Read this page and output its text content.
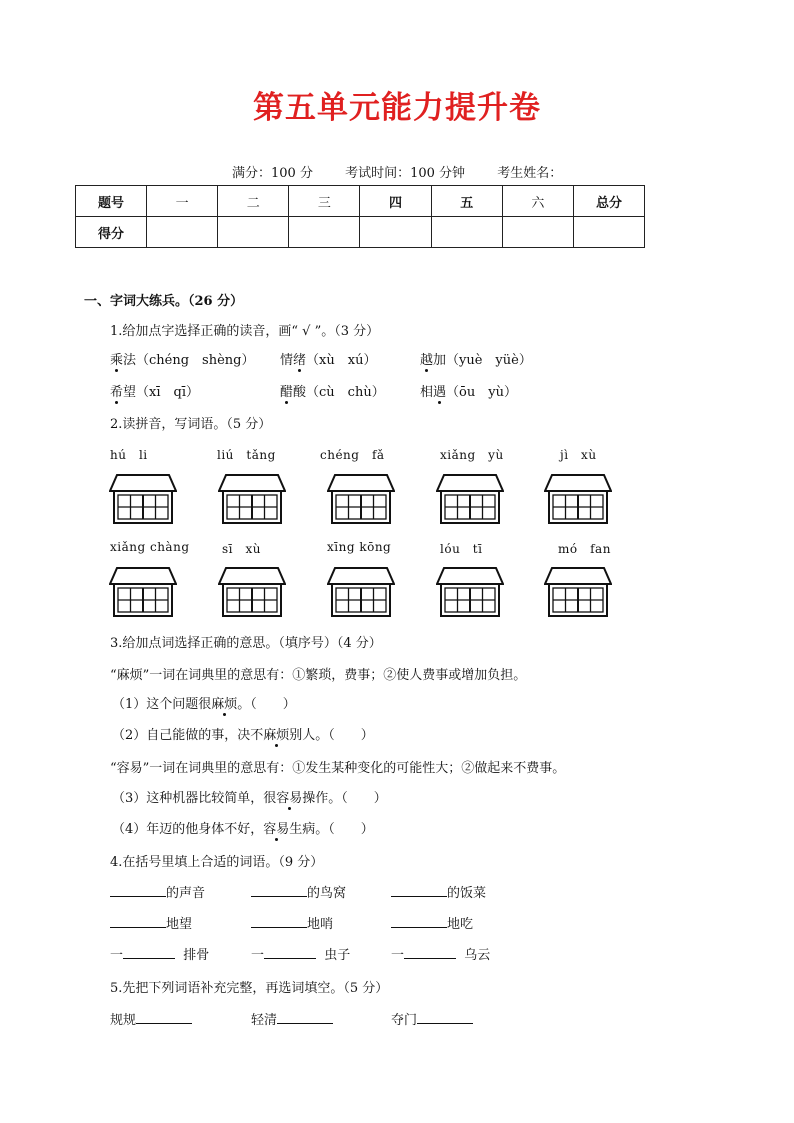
第五单元能力提升卷
满分：100 分 考试时间：100 分钟 考生姓名：
题号	一	二	三	四	五	六	总分
得分							
一、字词大练兵。（26 分）
1.给加点字选择正确的读音，画“ √ ”。（3 分）
乘法（chéng　shèng） 情绪（xù　xú）	越加（yuè　yüè）
希望（xī　qī）	醋酸（cù　chù）	相遇（ōu　yù）
2.读拼音，写词语。（5 分）
hú　li	liú　tǎng	chéng　fǎ	xiǎng　yù	jì　xù
xiǎng chàng	sī　xù	xīng kōng	lóu　tī	mó　fan
3.给加点词选择正确的意思。（填序号）（4 分）
“麻烦”一词在词典里的意思有：①繁琐，费事；②使人费事或增加负担。
（1）这个问题很麻烦。（　　）
（2）自己能做的事，决不麻烦别人。（　　）
“容易”一词在词典里的意思有：①发生某种变化的可能性大；②做起来不费事。
（3）这种机器比较简单，很容易操作。（　　）
（4）年迈的他身体不好，容易生病。（　　）
4.在括号里填上合适的词语。（9 分）
的声音	的鸟窝	的饭菜
地望	地哨	地吃
一	排骨	一	虫子	一	乌云
5.先把下列词语补充完整，再选词填空。（5 分）
规规	轻清	夺门
